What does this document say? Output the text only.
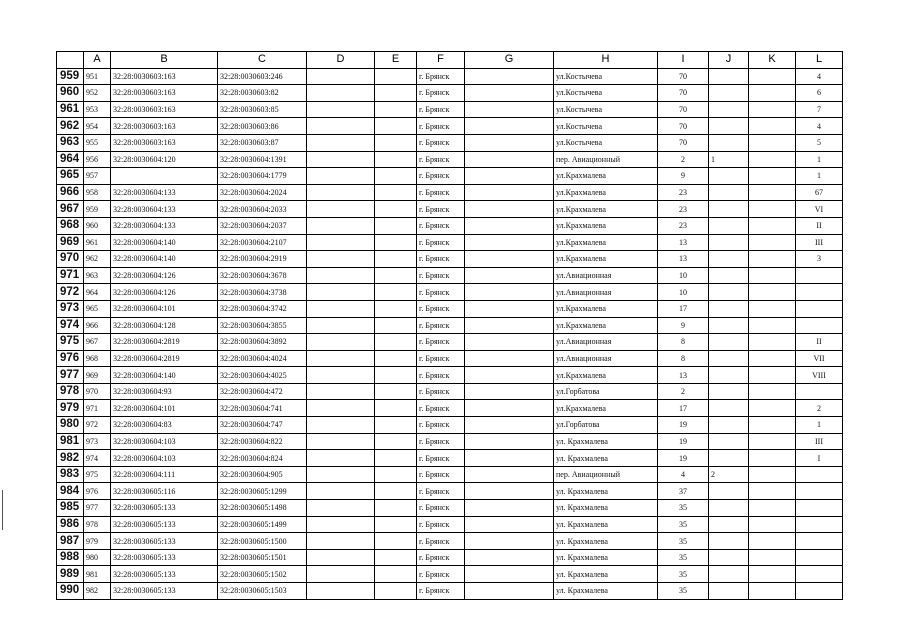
	A	B	C	D	E	F	G	H	I	J	K	L
959	951	32:28:0030603:163	32:28:0030603:246			г. Брянск		ул.Костычева	70			4
960	952	32:28:0030603:163	32:28:0030603:82			г. Брянск		ул.Костычева	70			6
961	953	32:28:0030603:163	32:28:0030603:85			г. Брянск		ул.Костычева	70			7
962	954	32:28:0030603:163	32:28:0030603:86			г. Брянск		ул.Костычева	70			4
963	955	32:28:0030603:163	32:28:0030603:87			г. Брянск		ул.Костычева	70			5
964	956	32:28:0030604:120	32:28:0030604:1391			г. Брянск		пер. Авиационный	2	1		1
965	957		32:28:0030604:1779			г. Брянск		ул.Крахмалева	9			1
966	958	32:28:0030604:133	32:28:0030604:2024			г. Брянск		ул.Крахмалева	23			67
967	959	32:28:0030604:133	32:28:0030604:2033			г. Брянск		ул.Крахмалева	23			VI
968	960	32:28:0030604:133	32:28:0030604:2037			г. Брянск		ул.Крахмалева	23			II
969	961	32:28:0030604:140	32:28:0030604:2107			г. Брянск		ул.Крахмалева	13			III
970	962	32:28:0030604:140	32:28:0030604:2919			г. Брянск		ул.Крахмалева	13			3
971	963	32:28:0030604:126	32:28:0030604:3678			г. Брянск		ул.Авиационная	10			
972	964	32:28:0030604:126	32:28:0030604:3738			г. Брянск		ул.Авиационная	10			
973	965	32:28:0030604:101	32:28:0030604:3742			г. Брянск		ул.Крахмалева	17			
974	966	32:28:0030604:128	32:28:0030604:3855			г. Брянск		ул.Крахмалева	9			
975	967	32:28:0030604:2819	32:28:0030604:3892			г. Брянск		ул.Авиационная	8			II
976	968	32:28:0030604:2819	32:28:0030604:4024			г. Брянск		ул.Авиационная	8			VII
977	969	32:28:0030604:140	32:28:0030604:4025			г. Брянск		ул.Крахмалева	13			VIII
978	970	32:28:0030604:93	32:28:0030604:472			г. Брянск		ул.Горбатова	2			
979	971	32:28:0030604:101	32:28:0030604:741			г. Брянск		ул.Крахмалева	17			2
980	972	32:28:0030604:83	32:28:0030604:747			г. Брянск		ул.Горбатова	19			1
981	973	32:28:0030604:103	32:28:0030604:822			г. Брянск		ул. Крахмалева	19			III
982	974	32:28:0030604:103	32:28:0030604:824			г. Брянск		ул. Крахмалева	19			I
983	975	32:28:0030604:111	32:28:0030604:905			г. Брянск		пер. Авиационный	4	2		
984	976	32:28:0030605:116	32:28:0030605:1299			г. Брянск		ул. Крахмалева	37			
985	977	32:28:0030605:133	32:28:0030605:1498			г. Брянск		ул. Крахмалева	35			
986	978	32:28:0030605:133	32:28:0030605:1499			г. Брянск		ул. Крахмалева	35			
987	979	32:28:0030605:133	32:28:0030605:1500			г. Брянск		ул. Крахмалева	35			
988	980	32:28:0030605:133	32:28:0030605:1501			г. Брянск		ул. Крахмалева	35			
989	981	32:28:0030605:133	32:28:0030605:1502			г. Брянск		ул. Крахмалева	35			
990	982	32:28:0030605:133	32:28:0030605:1503			г. Брянск		ул. Крахмалева	35			
